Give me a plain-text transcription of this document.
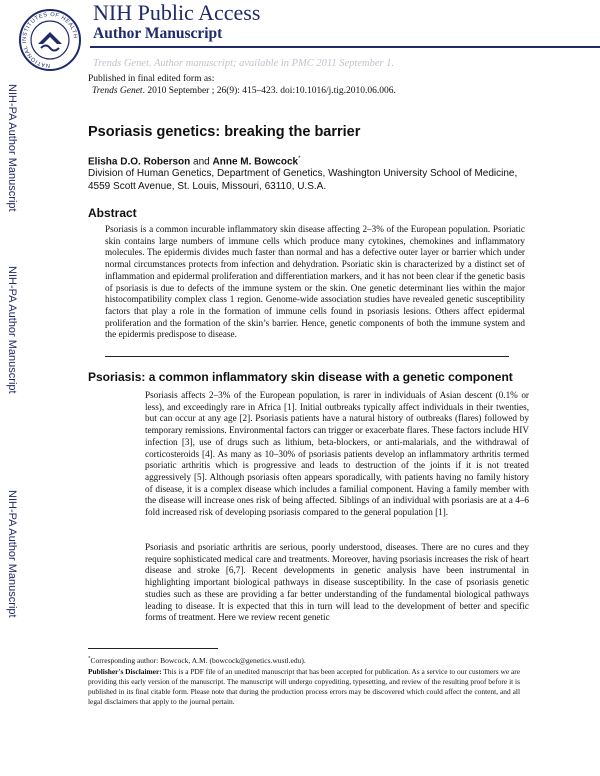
NATIONAL INSTITUTES OF HEALTH
NIH Public Access
Author Manuscript
Trends Genet. Author manuscript; available in PMC 2011 September 1.
Published in final edited form as:
Trends Genet. 2010 September ; 26(9): 415–423. doi:10.1016/j.tig.2010.06.006.
NIH-PA Author Manuscript
NIH-PA Author Manuscript
NIH-PA Author Manuscript
Psoriasis genetics: breaking the barrier
Elisha D.O. Roberson and Anne M. Bowcock*
Division of Human Genetics, Department of Genetics, Washington University School of Medicine, 4559 Scott Avenue, St. Louis, Missouri, 63110, U.S.A.
Abstract
Psoriasis is a common incurable inflammatory skin disease affecting 2–3% of the European population. Psoriatic skin contains large numbers of immune cells which produce many cytokines, chemokines and inflammatory molecules. The epidermis divides much faster than normal and has a defective outer layer or barrier which under normal circumstances protects from infection and dehydration. Psoriatic skin is characterized by a distinct set of inflammation and epidermal proliferation and differentiation markers, and it has not been clear if the genetic basis of psoriasis is due to defects of the immune system or the skin. One genetic determinant lies within the major histocompatibility complex class 1 region. Genome-wide association studies have revealed genetic susceptibility factors that play a role in the formation of immune cells found in psoriasis lesions. Others affect epidermal proliferation and the formation of the skin’s barrier. Hence, genetic components of both the immune system and the epidermis predispose to disease.
Psoriasis: a common inflammatory skin disease with a genetic component
Psoriasis affects 2–3% of the European population, is rarer in individuals of Asian descent (0.1% or less), and exceedingly rare in Africa [1]. Initial outbreaks typically affect individuals in their twenties, but can occur at any age [2]. Psoriasis patients have a natural history of outbreaks (flares) followed by temporary remissions. Environmental factors can trigger or exacerbate flares. These factors include HIV infection [3], use of drugs such as lithium, beta-blockers, or anti-malarials, and the withdrawal of corticosteroids [4]. As many as 10–30% of psoriasis patients develop an inflammatory arthritis termed psoriatic arthritis which is progressive and leads to destruction of the joints if it is not treated aggressively [5]. Although psoriasis often appears sporadically, with patients having no family history of disease, it is a complex disease which includes a familial component. Having a family member with the disease will increase ones risk of being affected. Siblings of an individual with psoriasis are at a 4–6 fold increased risk of developing psoriasis compared to the general population [1].
Psoriasis and psoriatic arthritis are serious, poorly understood, diseases. There are no cures and they require sophisticated medical care and treatments. Moreover, having psoriasis increases the risk of heart disease and stroke [6,7]. Recent developments in genetic analysis have been instrumental in highlighting important biological pathways in disease susceptibility. In the case of psoriasis genetic studies such as these are providing a far better understanding of the fundamental biological pathways leading to disease. It is expected that this in turn will lead to the development of better and specific forms of treatment. Here we review recent genetic
*Corresponding author: Bowcock, A.M. (bowcock@genetics.wustl.edu).
Publisher's Disclaimer: This is a PDF file of an unedited manuscript that has been accepted for publication. As a service to our customers we are providing this early version of the manuscript. The manuscript will undergo copyediting, typesetting, and review of the resulting proof before it is published in its final citable form. Please note that during the production process errors may be discovered which could affect the content, and all legal disclaimers that apply to the journal pertain.
